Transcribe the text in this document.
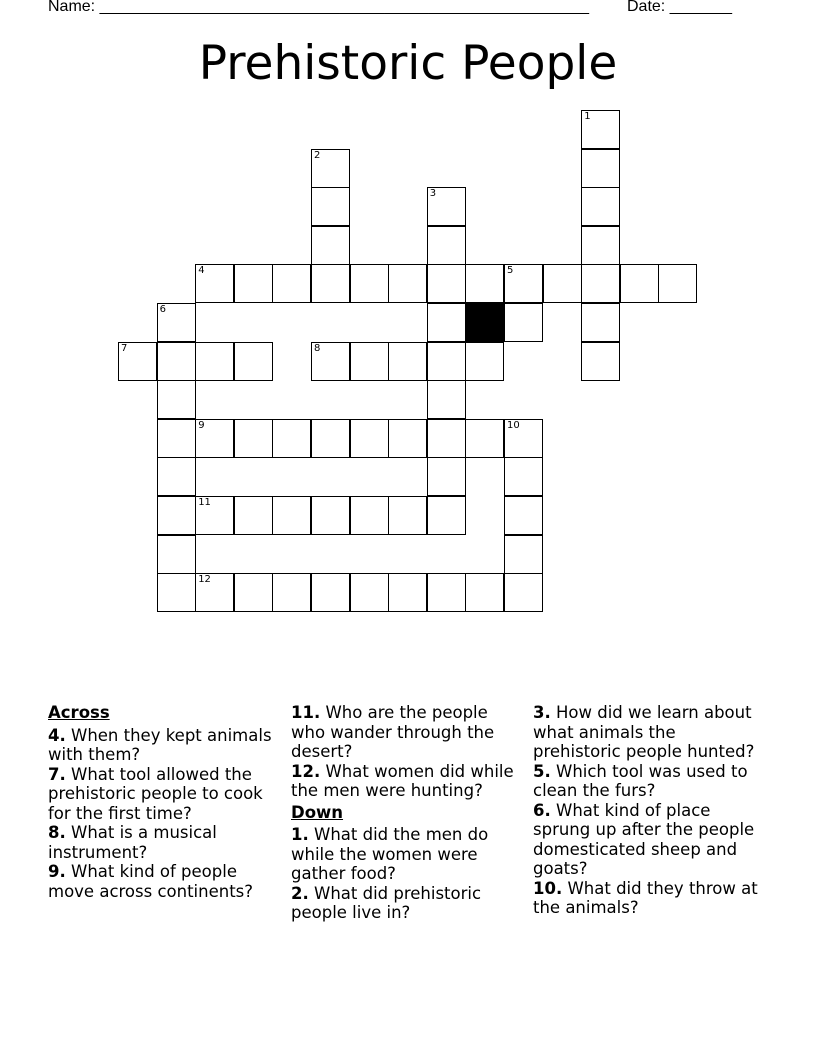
Name: _______________________________________________________ Date: _______
Prehistoric People
1
2
3
4	5
6
7	8
9	10
11
12
Across
4. When they kept animals with them?
7. What tool allowed the prehistoric people to cook for the first time?
8. What is a musical instrument?
9. What kind of people move across continents?
11. Who are the people who wander through the desert?
12. What women did while the men were hunting?
Down
1. What did the men do while the women were gather food?
2. What did prehistoric people live in?
3. How did we learn about what animals the prehistoric people hunted?
5. Which tool was used to clean the furs?
6. What kind of place sprung up after the people domesticated sheep and goats?
10. What did they throw at the animals?
